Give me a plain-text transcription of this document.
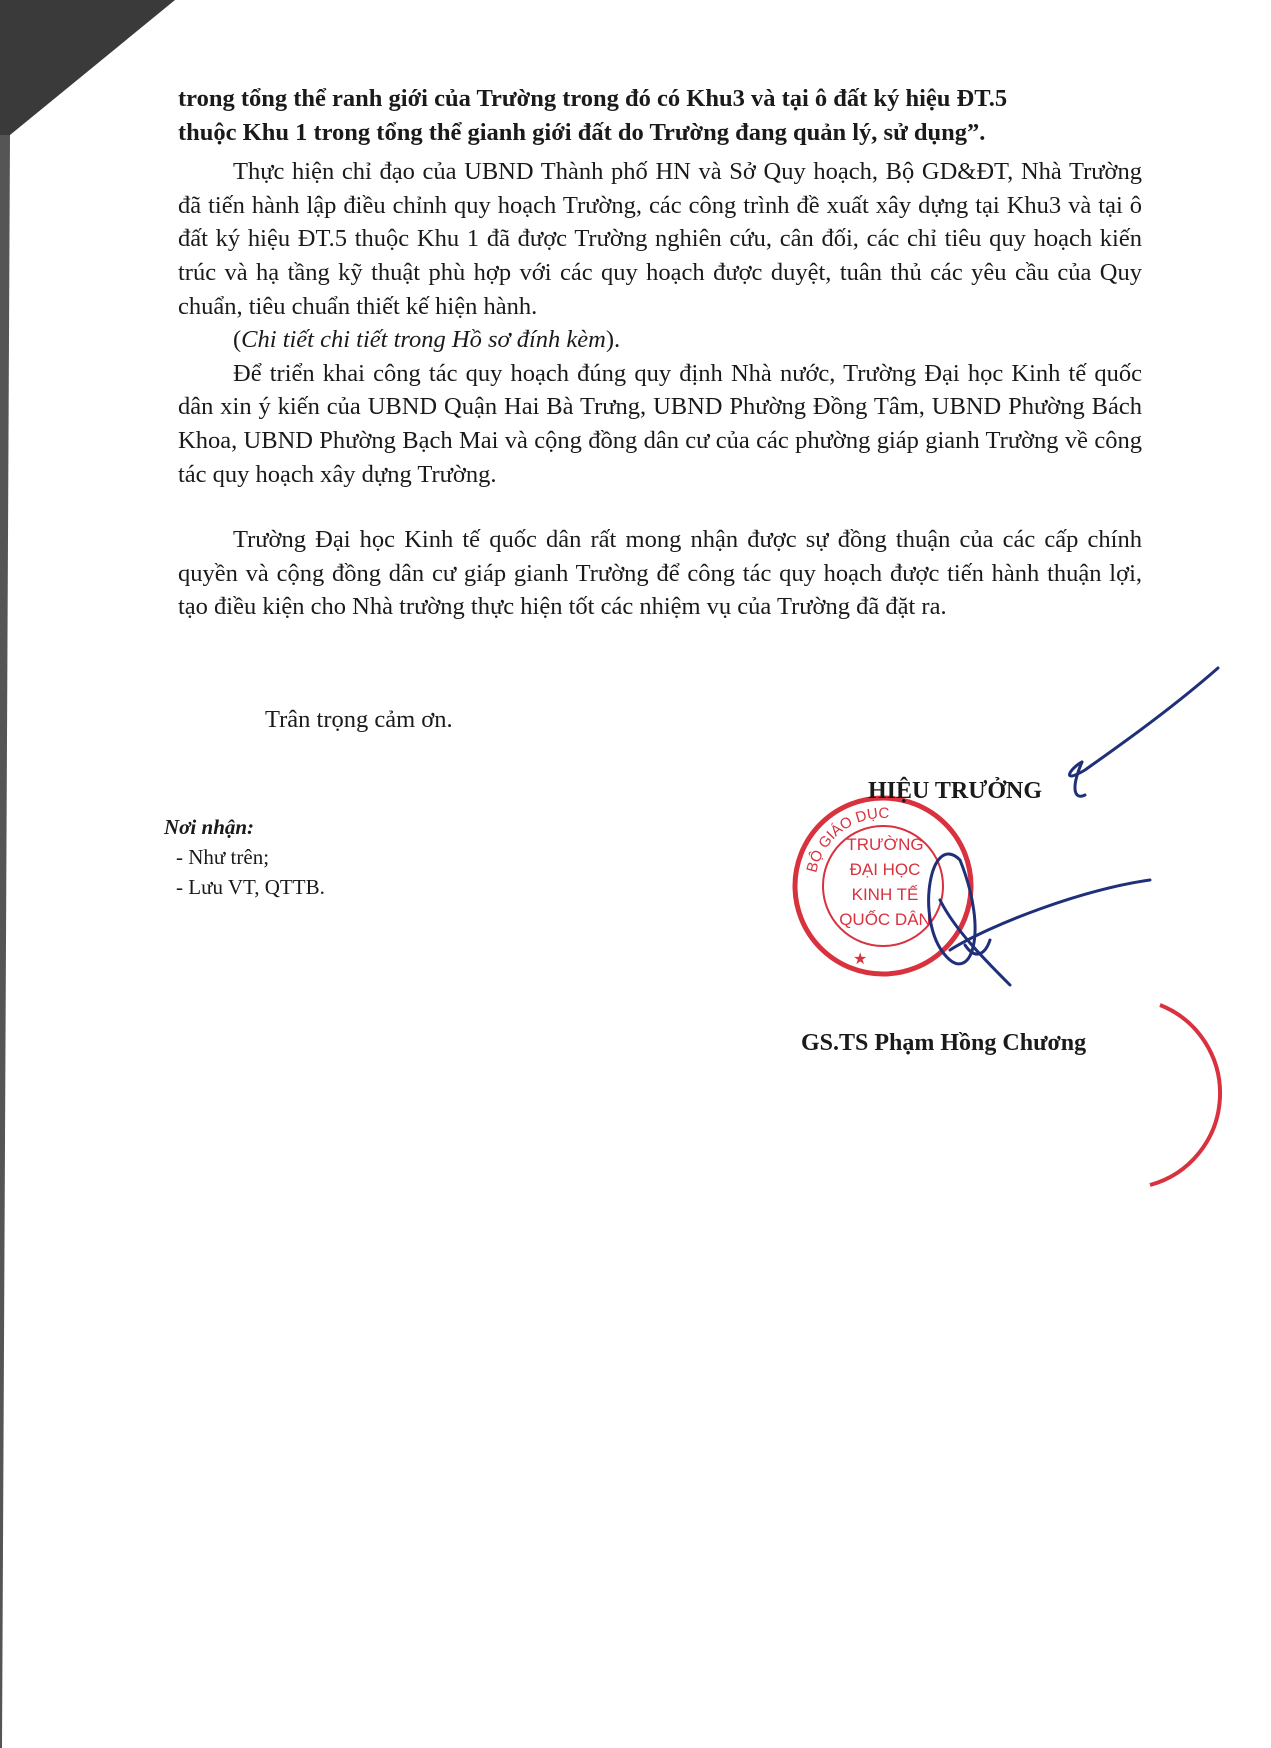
trong tổng thể ranh giới của Trường trong đó có Khu3 và tại ô đất ký hiệu ĐT.5

thuộc Khu 1 trong tổng thể gianh giới đất do Trường đang quản lý, sử dụng”.

Thực hiện chỉ đạo của UBND Thành phố HN và Sở Quy hoạch, Bộ GD&ĐT, Nhà Trường đã tiến hành lập điều chỉnh quy hoạch Trường, các công trình đề xuất xây dựng tại Khu3 và tại ô đất ký hiệu ĐT.5 thuộc Khu 1 đã được Trường nghiên cứu, cân đối, các chỉ tiêu quy hoạch kiến trúc và hạ tầng kỹ thuật phù hợp với các quy hoạch được duyệt, tuân thủ các yêu cầu của Quy chuẩn, tiêu chuẩn thiết kế hiện hành.

(Chi tiết chi tiết trong Hồ sơ đính kèm).

Để triển khai công tác quy hoạch đúng quy định Nhà nước, Trường Đại học Kinh tế quốc dân xin ý kiến của UBND Quận Hai Bà Trưng, UBND Phường Đồng Tâm, UBND Phường Bách Khoa, UBND Phường Bạch Mai và cộng đồng dân cư của các phường giáp gianh Trường về công tác quy hoạch xây dựng Trường.

Trường Đại học Kinh tế quốc dân rất mong nhận được sự đồng thuận của các cấp chính quyền và cộng đồng dân cư giáp gianh Trường để công tác quy hoạch được tiến hành thuận lợi, tạo điều kiện cho Nhà trường thực hiện tốt các nhiệm vụ của Trường đã đặt ra.

Trân trọng cảm ơn.
Nơi nhận:
- Như trên;
- Lưu VT, QTTB.
BỘ GIÁO DỤC
TRƯỜNG
ĐẠI HỌC
KINH TẾ
QUỐC DÂN
★
HIỆU TRƯỞNG
GS.TS Phạm Hồng Chương
